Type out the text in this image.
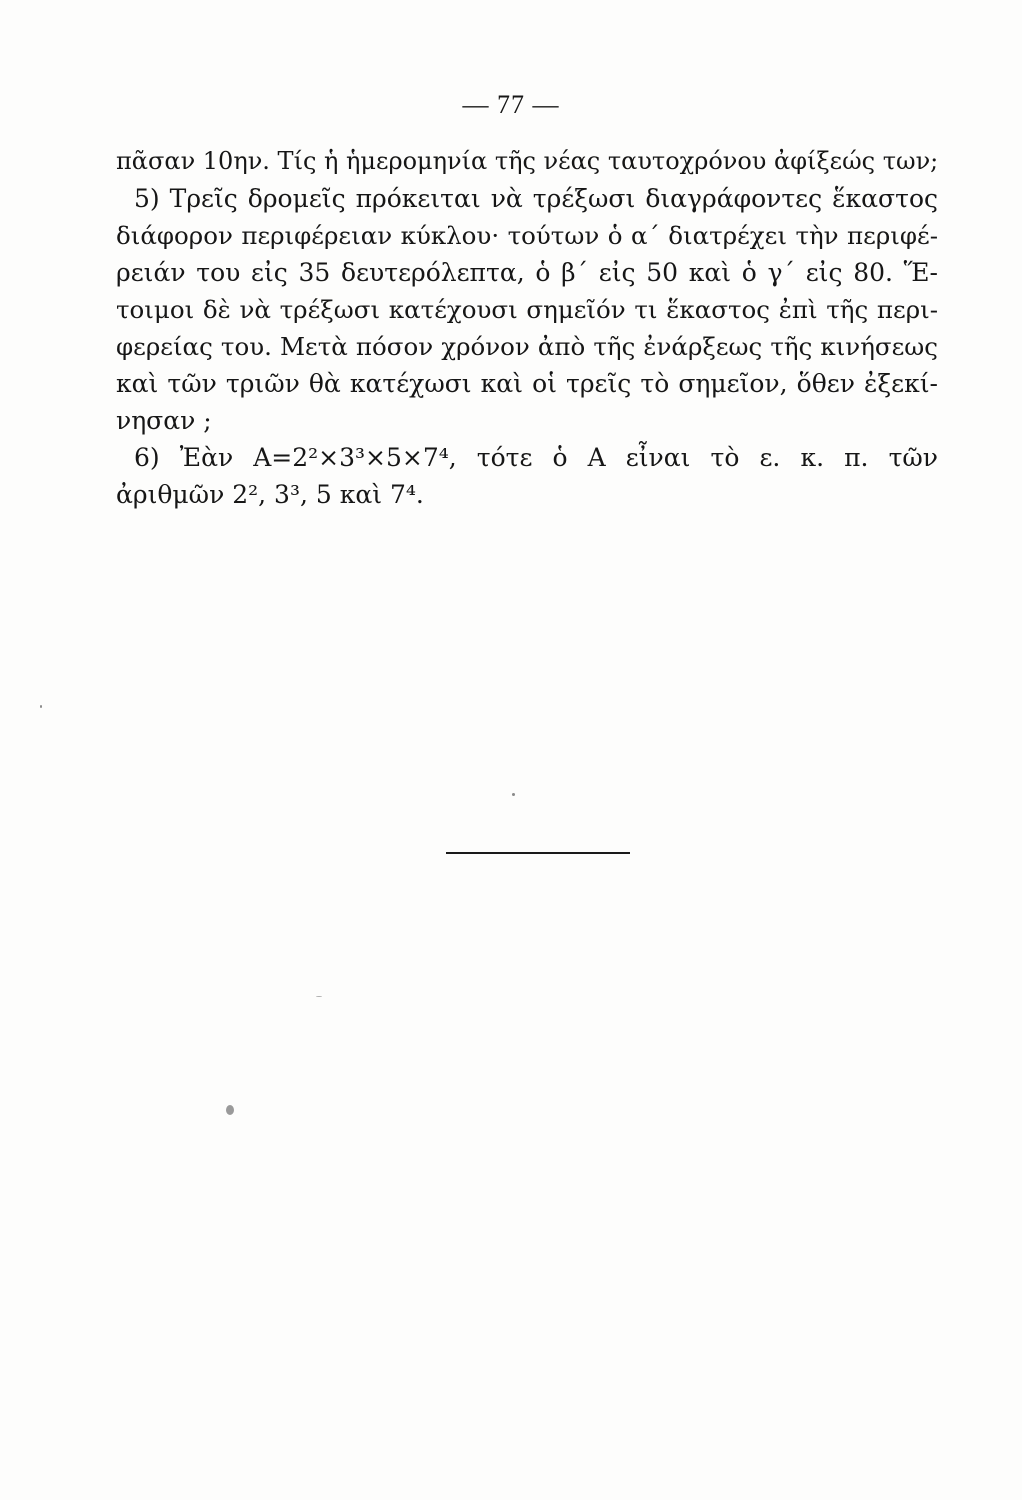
— 77 —
πᾶσαν 10ην. Τίς ἡ ἡμερομηνία τῆς νέας ταυτοχρόνου ἀφίξεώς των;
5) Τρεῖς δρομεῖς πρόκειται νὰ τρέξωσι διαγράφοντες ἕκαστος
διάφορον περιφέρειαν κύκλου· τούτων ὁ α΄ διατρέχει τὴν περιφέ-
ρειάν του εἰς 35 δευτερόλεπτα, ὁ β΄ εἰς 50 καὶ ὁ γ΄ εἰς 80. Ἕ-
τοιμοι δὲ νὰ τρέξωσι κατέχουσι σημεῖόν τι ἕκαστος ἐπὶ τῆς περι-
φερείας του. Μετὰ πόσον χρόνον ἀπὸ τῆς ἐνάρξεως τῆς κινήσεως
καὶ τῶν τριῶν θὰ κατέχωσι καὶ οἱ τρεῖς τὸ σημεῖον, ὅθεν ἐξεκί-
νησαν ;
6) Ἐὰν Α=2²×3³×5×7⁴, τότε ὁ Α εἶναι τὸ ε. κ. π. τῶν
ἀριθμῶν 2², 3³, 5 καὶ 7⁴.
